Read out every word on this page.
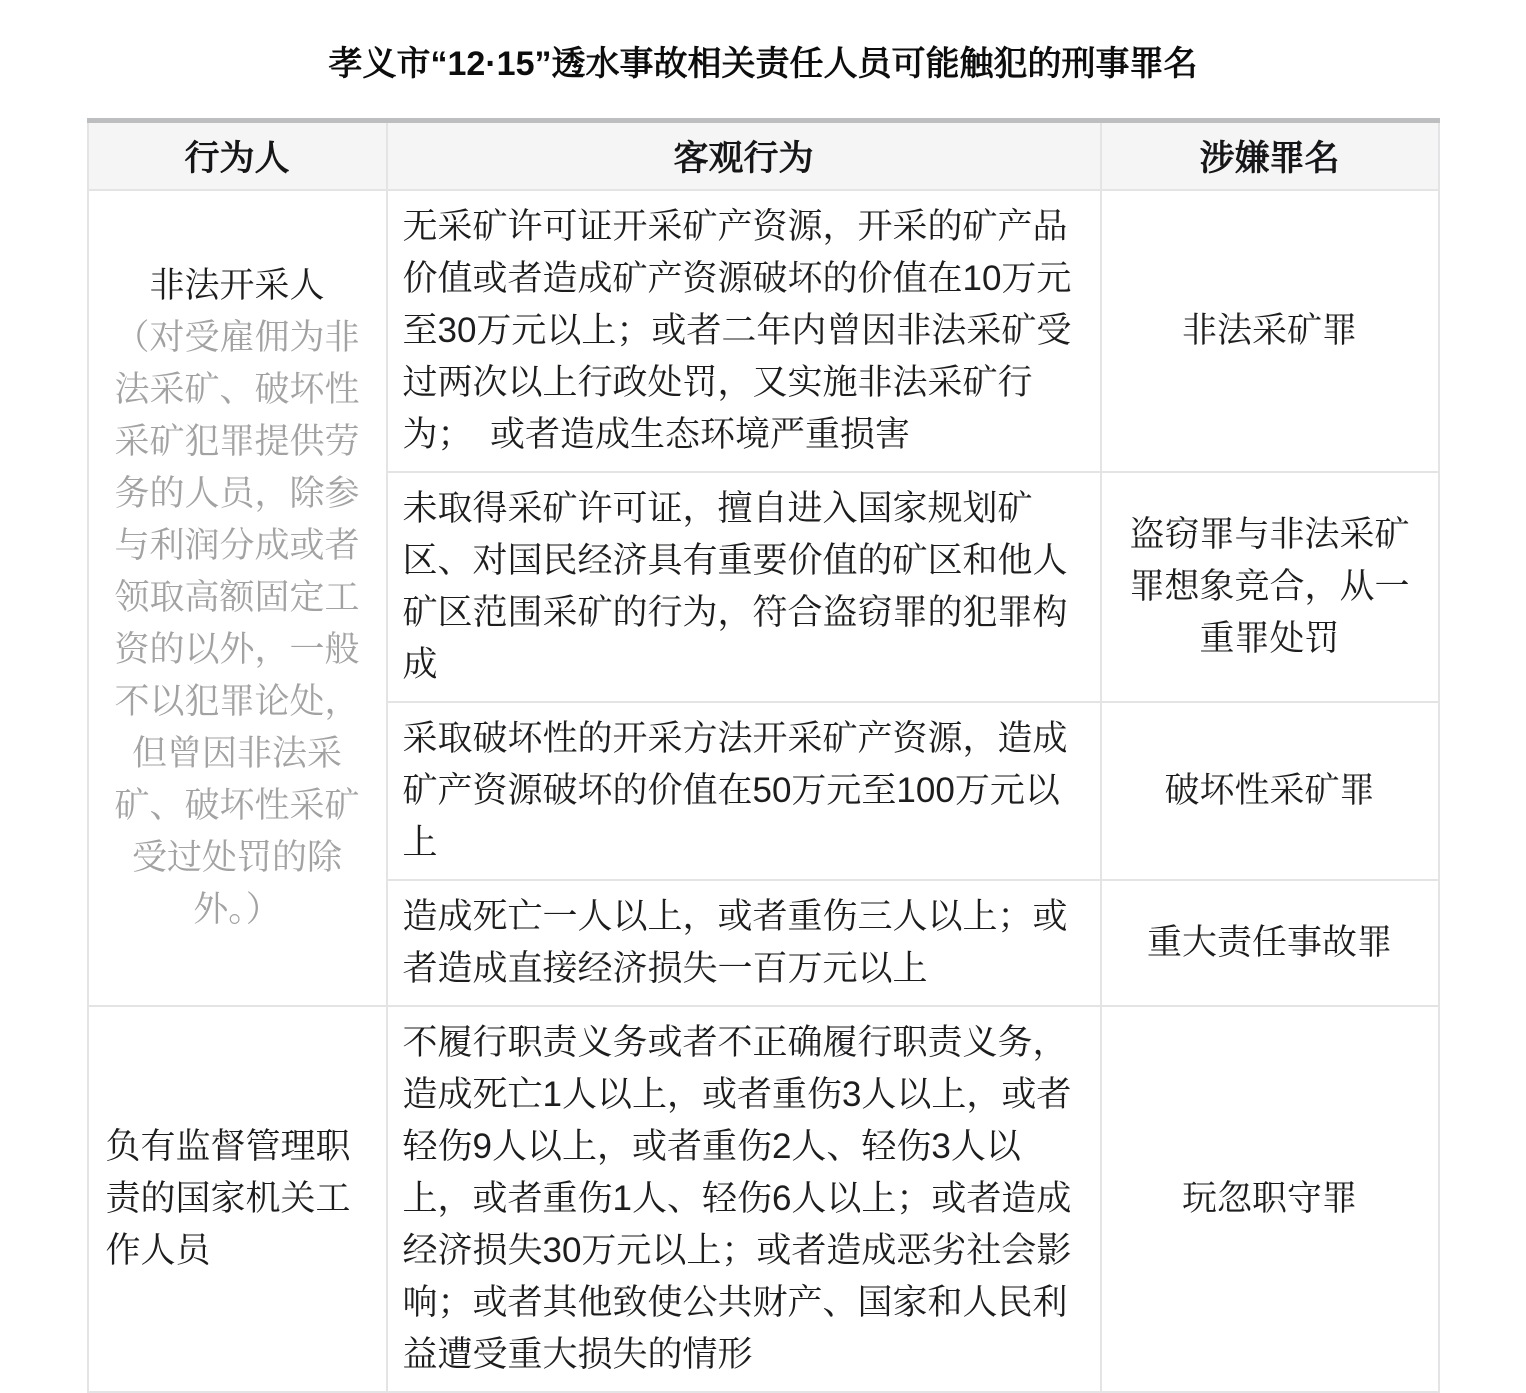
孝义市“12·15”透水事故相关责任人员可能触犯的刑事罪名
行为人	客观行为	涉嫌罪名

非法开采人
（对受雇佣为非法采矿、破坏性采矿犯罪提供劳务的人员，除参与利润分成或者领取高额固定工资的以外，一般不以犯罪论处，但曾因非法采矿、破坏性采矿受过处罚的除外。）	无采矿许可证开采矿产资源，开采的矿产品价值或者造成矿产资源破坏的价值在10万元至30万元以上；或者二年内曾因非法采矿受过两次以上行政处罚，又实施非法采矿行为；　或者造成生态环境严重损害	非法采矿罪
	未取得采矿许可证，擅自进入国家规划矿区、对国民经济具有重要价值的矿区和他人矿区范围采矿的行为，符合盗窃罪的犯罪构成	盗窃罪与非法采矿罪想象竞合，从一重罪处罚
	采取破坏性的开采方法开采矿产资源，造成矿产资源破坏的价值在50万元至100万元以上	破坏性采矿罪
	造成死亡一人以上，或者重伤三人以上；或者造成直接经济损失一百万元以上	重大责任事故罪
负有监督管理职责的国家机关工作人员	不履行职责义务或者不正确履行职责义务，造成死亡1人以上，或者重伤3人以上，或者轻伤9人以上，或者重伤2人、轻伤3人以上，或者重伤1人、轻伤6人以上；或者造成经济损失30万元以上；或者造成恶劣社会影响；或者其他致使公共财产、国家和人民利益遭受重大损失的情形	玩忽职守罪
